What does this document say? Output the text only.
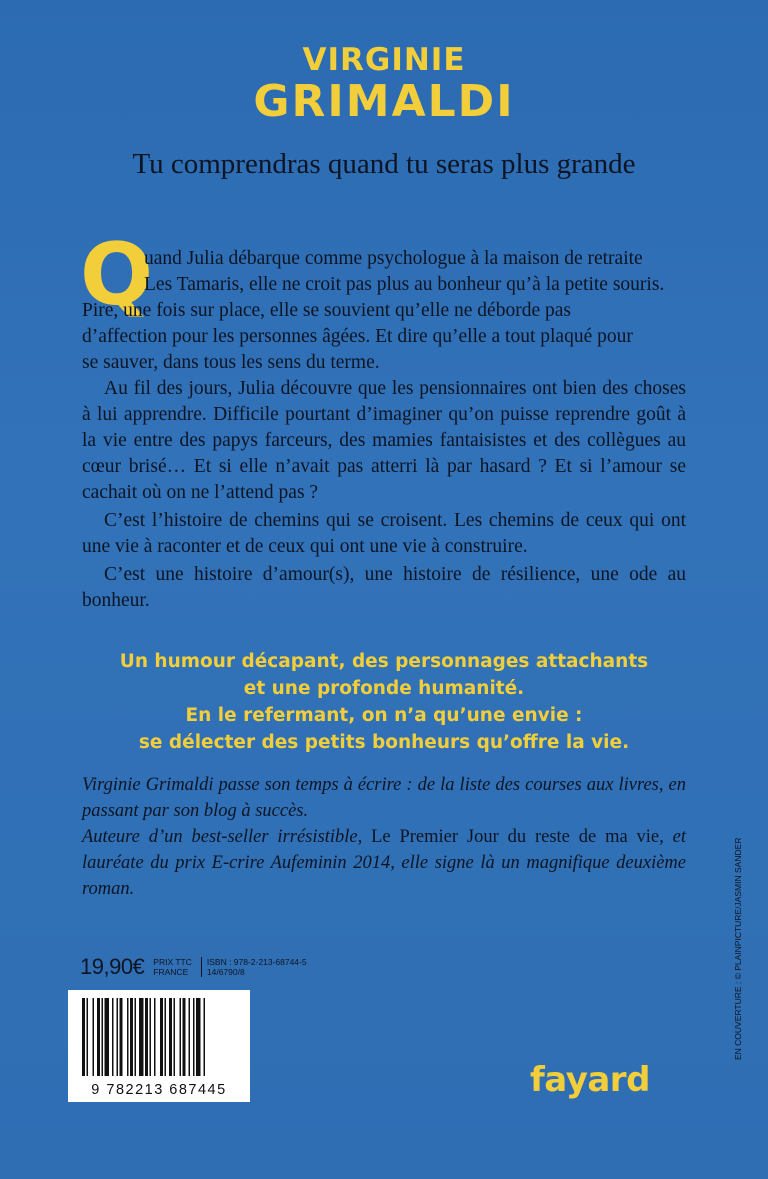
VIRGINIE
GRIMALDI
Tu comprendras quand tu seras plus grande
Q
uand Julia débarque comme psychologue à la maison de retraite
Les Tamaris, elle ne croit pas plus au bonheur qu’à la petite souris.
Pire, une fois sur place, elle se souvient qu’elle ne déborde pas
d’affection pour les personnes âgées. Et dire qu’elle a tout plaqué pour
se sauver, dans tous les sens du terme.

Au fil des jours, Julia découvre que les pensionnaires ont bien des choses à lui apprendre. Difficile pourtant d’imaginer qu’on puisse reprendre goût à la vie entre des papys farceurs, des mamies fantaisistes et des collègues au cœur brisé… Et si elle n’avait pas atterri là par hasard ? Et si l’amour se cachait où on ne l’attend pas ?

C’est l’histoire de chemins qui se croisent. Les chemins de ceux qui ont une vie à raconter et de ceux qui ont une vie à construire.

C’est une histoire d’amour(s), une histoire de résilience, une ode au bonheur.

Un humour décapant, des personnages attachants
et une profonde humanité.
En le refermant, on n’a qu’une envie :
se délecter des petits bonheurs qu’offre la vie.
Virginie Grimaldi passe son temps à écrire : de la liste des courses aux livres, en passant par son blog à succès.
Auteure d’un best-seller irrésistible, Le Premier Jour du reste de ma vie, et lauréate du prix E-crire Aufeminin 2014, elle signe là un magnifique deuxième roman.
19,90€ PRIX TTC
FRANCE
ISBN : 978-2-213-68744-5
14/6790/8
9 782213 687445	fayard
EN COUVERTURE : © PLAINPICTURE/JASMIN SANDER
